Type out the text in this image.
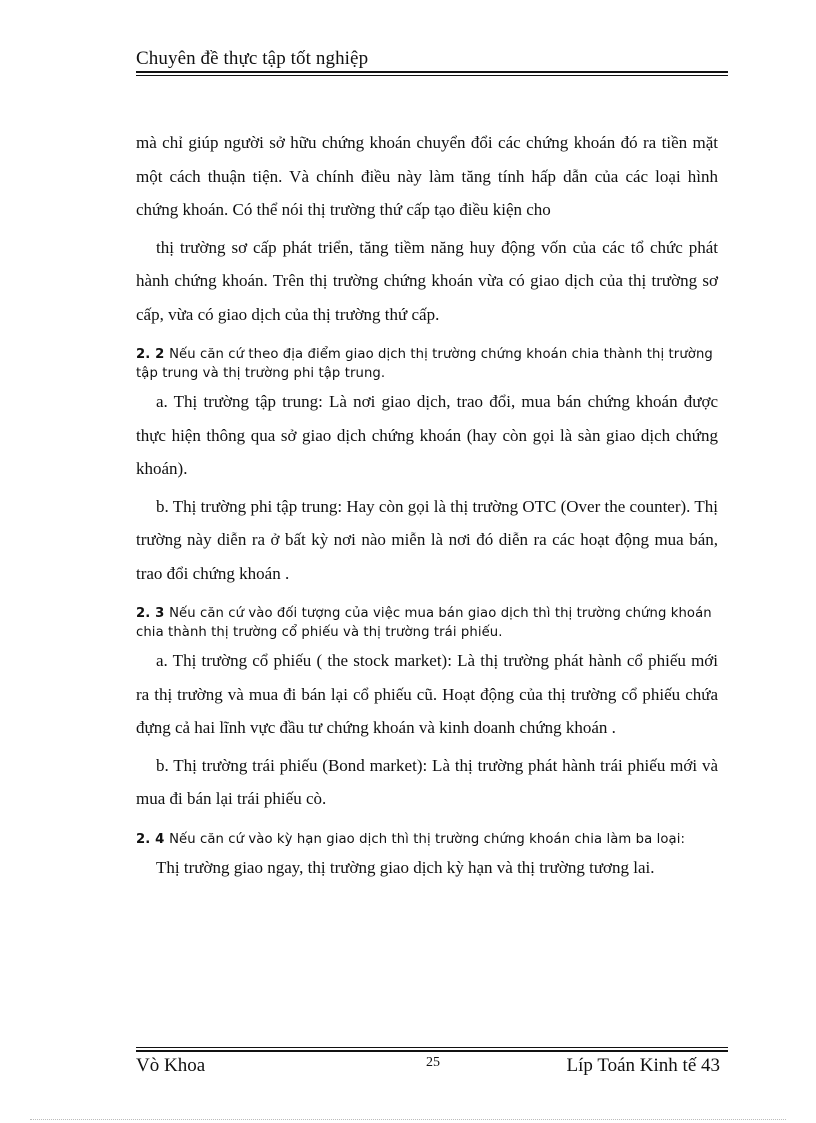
Chuyên đề thực tập tốt nghiệp

mà chỉ giúp người sở hữu chứng khoán chuyển đổi các chứng khoán đó ra tiền mặt một cách thuận tiện. Và chính điều này làm tăng tính hấp dẫn của các loại hình chứng khoán. Có thể nói thị trường thứ cấp tạo điều kiện cho

thị trường sơ cấp phát triển, tăng tiềm năng huy động vốn của các tổ chức phát hành chứng khoán. Trên thị trường chứng khoán vừa có giao dịch của thị trường sơ cấp, vừa có giao dịch của thị trường thứ cấp.

2. 2 Nếu căn cứ theo địa điểm giao dịch thị trường chứng khoán chia thành thị trường tập trung và thị trường phi tập trung.

a. Thị trường tập trung: Là nơi giao dịch, trao đổi, mua bán chứng khoán được thực hiện thông qua sở giao dịch chứng khoán (hay còn gọi là sàn giao dịch chứng khoán).

b. Thị trường phi tập trung: Hay còn gọi là thị trường OTC (Over the counter). Thị trường này diễn ra ở bất kỳ nơi nào miễn là nơi đó diễn ra các hoạt động mua bán, trao đổi chứng khoán .

2. 3 Nếu căn cứ vào đối tượng của việc mua bán giao dịch thì thị trường chứng khoán chia thành thị trường cổ phiếu và thị trường trái phiếu.

a. Thị trường cổ phiếu ( the stock market): Là thị trường phát hành cổ phiếu mới ra thị trường và mua đi bán lại cổ phiếu cũ. Hoạt động của thị trường cổ phiếu chứa đựng cả hai lĩnh vực đầu tư chứng khoán và kinh doanh chứng khoán .

b. Thị trường trái phiếu (Bond market): Là thị trường phát hành trái phiếu mới và mua đi bán lại trái phiếu cò.

2. 4 Nếu căn cứ vào kỳ hạn giao dịch thì thị trường chứng khoán chia làm ba loại:

Thị trường giao ngay, thị trường giao dịch kỳ hạn và thị trường tương lai.

Vò Khoa	25	Líp Toán Kinh tế 43
